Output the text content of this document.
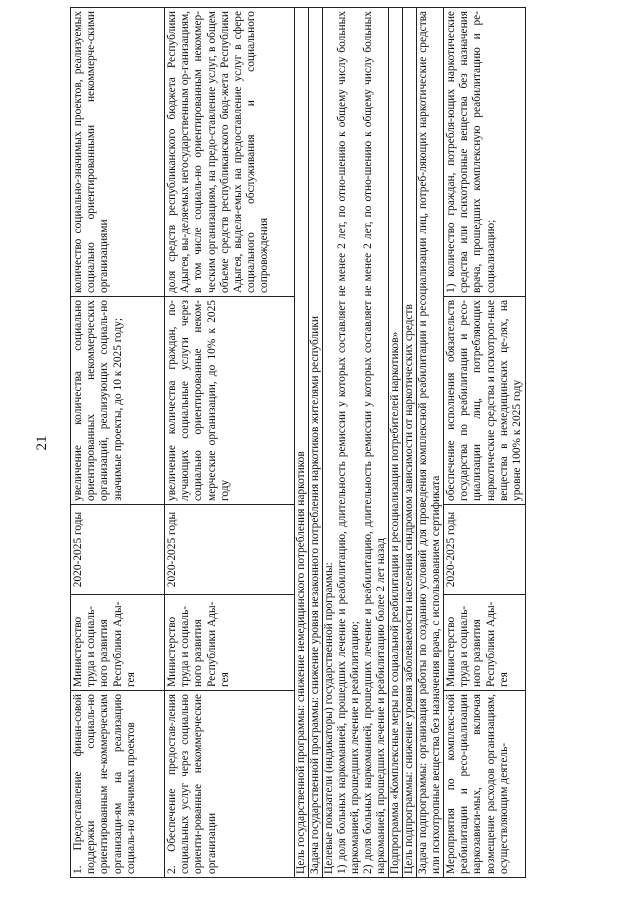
21
1. Предоставление финан-совой поддержки социаль-но ориентированным не-коммерческим организаци-ям на реализацию социаль-но значимых проектов	Министерство труда и социаль-ного развития Республики Ады-гея	2020-2025 годы	увеличение количества социально ориентированных некоммерческих организаций, реализующих социаль-но значимые проекты, до 10 к 2025 году;	количество социально-значимых проектов, реализуемых социально ориентированными некоммерче-скими организациями
2. Обеспечение предостав-ления социальных услуг через социально ориенти-рованные некоммерческие организации	Министерство труда и социаль-ного развития Республики Ады-гея	2020-2025 годы	увеличение количества граждан, по-лучающих социальные услуги через социально ориентированные неком-мерческие организации, до 10% к 2025 году	доля средств республиканского бюджета Республики Адыгея, вы-деляемых негосударственным ор-ганизациям, в том числе социаль-но ориентированным некоммер-ческим организациям, на предо-ставление услуг, в общем объеме средств республиканского бюд-жета Республики Адыгея, выделя-емых на предоставление услуг в сфере социального обслуживания и социального сопровождения
Цель государственной программы: снижение немедицинского потребления наркотиков				
Задача государственной программы: снижение уровня незаконного потребления наркотиков жителями республики				

Целевые показатели (индикаторы) государственной программы: 1) доля больных наркоманией, прошедших лечение и реабилитацию, длительность ремиссии у которых составляет не менее 2 лет, по отно-шению к общему числу больных наркоманией, прошедших лечение и реабилитацию; 2) доля больных наркоманией, прошедших лечение и реабилитацию, длительность ремиссии у которых составляет не менее 2 лет, по отно-шению к общему числу больных наркоманией, прошедших лечение и реабилитацию более 2 лет назад				

Подпрограмма «Комплексные меры по социальной реабилитации и ресоциализации потребителей наркотиков»				
Цель подпрограммы: снижение уровня заболеваемости населения синдромом зависимости от наркотических средств				
Задача подпрограммы: организация работы по созданию условий для проведения комплексной реабилитации и ресоциализации лиц, потреб-ляющих наркотические средства или психотропные вещества без назначения врача, с использованием сертификата				
Мероприятия по комплекс-ной реабилитации и ресо-циализации наркозависи-мых, включая возмещение расходов организациям, осуществляющим деятель-	Министерство труда и социаль-ного развития Республики Ады-гея	2020-2025 годы	обеспечение исполнения обязательств государства по реабилитации и ресо-циализации лиц, потребляющих наркотические средства и психотроп-ные вещества в немедицинских це-лях, на уровне 100% к 2025 году	1) количество граждан, потребля-ющих наркотические средства или психотропные вещества без назначения врача, прошедших комплексную реабилитацию и ре-социализацию;
